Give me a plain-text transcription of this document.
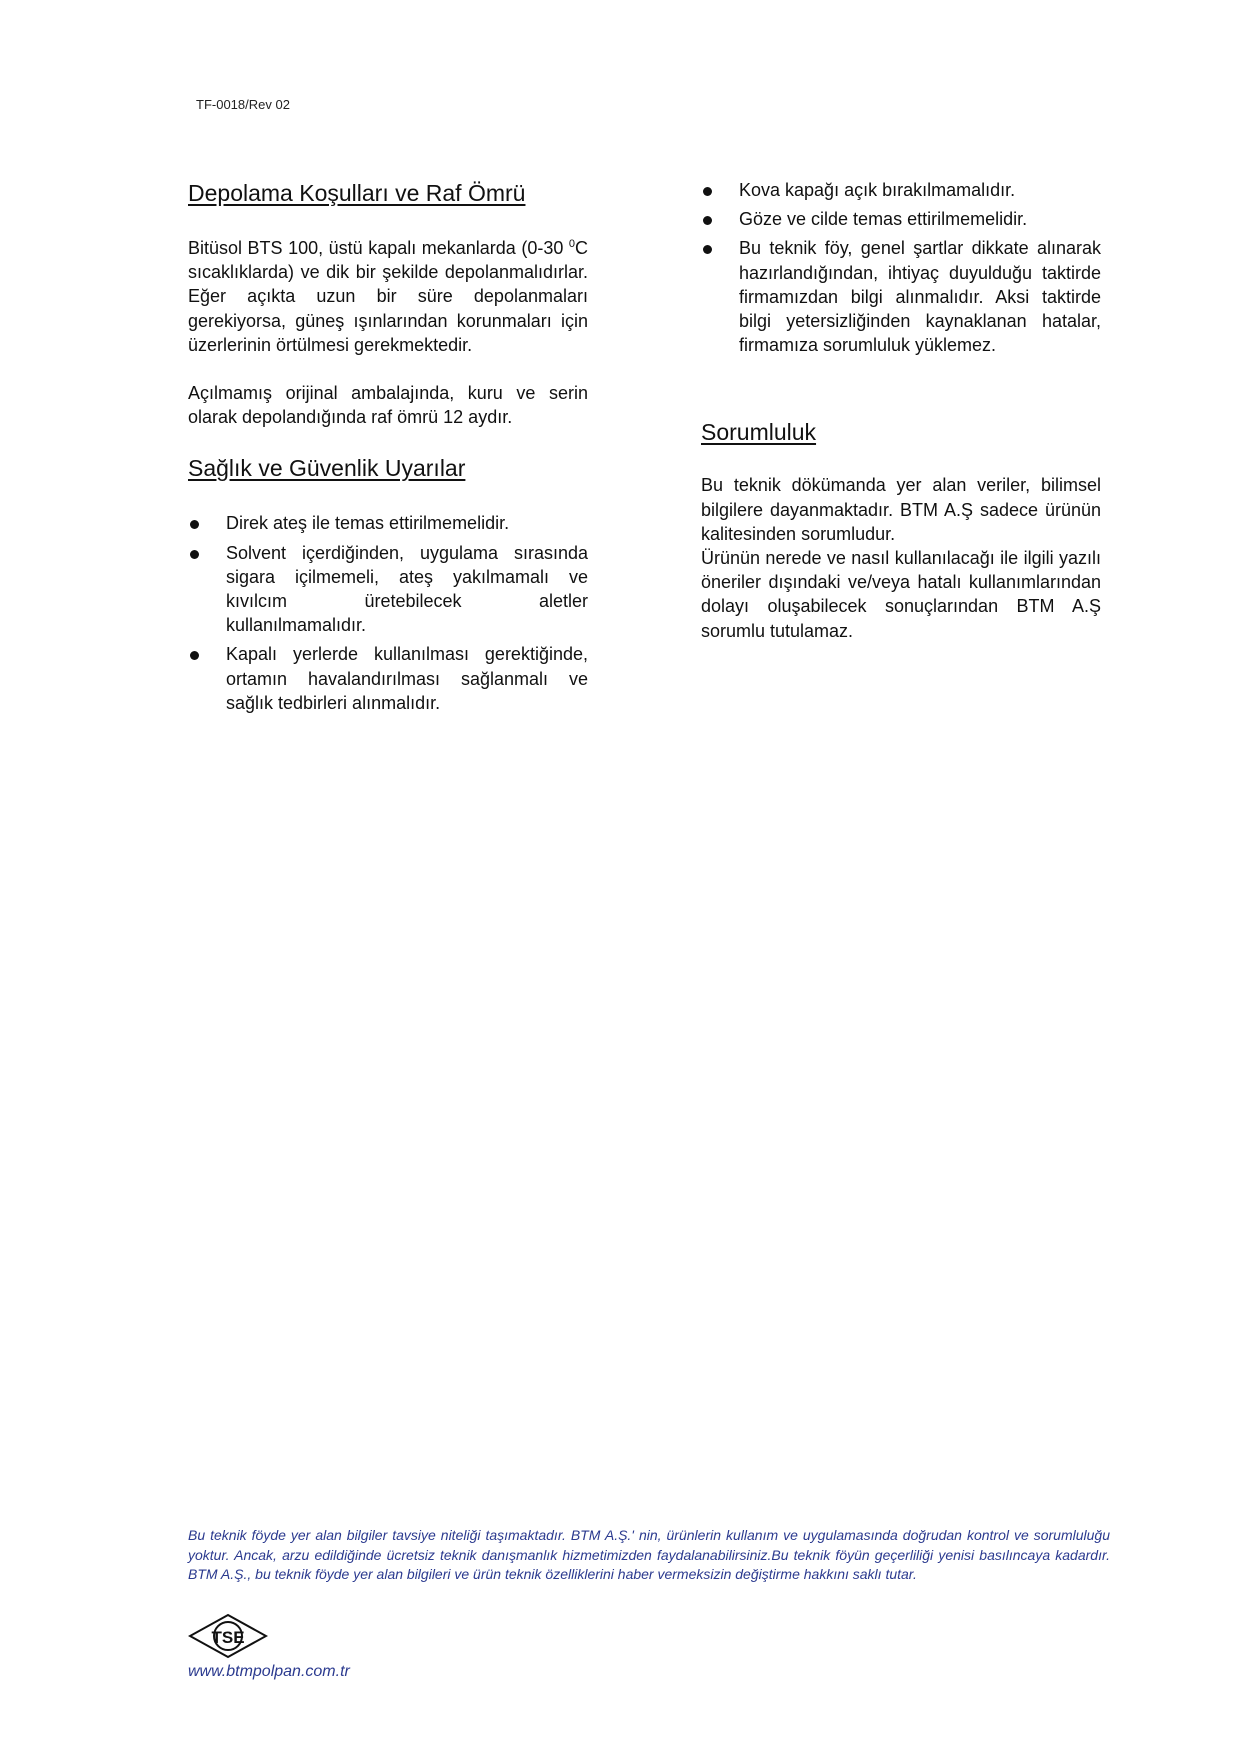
TF-0018/Rev 02
Depolama Koşulları ve Raf Ömrü

Bitüsol BTS 100, üstü kapalı mekanlarda (0-30 $^0$C sıcaklıklarda) ve dik bir şekilde depolanmalıdırlar. Eğer açıkta uzun bir süre depolanmaları gerekiyorsa, güneş ışınlarından korunmaları için üzerlerinin örtülmesi gerekmektedir.

Açılmamış orijinal ambalajında, kuru ve serin olarak depolandığında raf ömrü 12 aydır.

Sağlık ve Güvenlik Uyarılar
Direk ateş ile temas ettirilmemelidir.
Solvent içerdiğinden, uygulama sırasında sigara içilmemeli, ateş yakılmamalı ve kıvılcım üretebilecek aletler kullanılmamalıdır.
Kapalı yerlerde kullanılması gerektiğinde, ortamın havalandırılması sağlanmalı ve sağlık tedbirleri alınmalıdır.
Kova kapağı açık bırakılmamalıdır.
Göze ve cilde temas ettirilmemelidir.
Bu teknik föy, genel şartlar dikkate alınarak hazırlandığından, ihtiyaç duyulduğu taktirde firmamızdan bilgi alınmalıdır. Aksi taktirde bilgi yetersizliğinden kaynaklanan hatalar, firmamıza sorumluluk yüklemez.
Sorumluluk

Bu teknik dökümanda yer alan veriler, bilimsel bilgilere dayanmaktadır. BTM A.Ş sadece ürünün kalitesinden sorumludur.

Ürünün nerede ve nasıl kullanılacağı ile ilgili yazılı öneriler dışındaki ve/veya hatalı kullanımlarından dolayı oluşabilecek sonuçlarından BTM A.Ş sorumlu tutulamaz.

Bu teknik föyde yer alan bilgiler tavsiye niteliği taşımaktadır. BTM A.Ş.' nin, ürünlerin kullanım ve uygulamasında doğrudan kontrol ve sorumluluğu yoktur. Ancak, arzu edildiğinde ücretsiz teknik danışmanlık hizmetimizden faydalanabilirsiniz.Bu teknik föyün geçerliliği yenisi basılıncaya kadardır. BTM A.Ş., bu teknik föyde yer alan bilgileri ve ürün teknik özelliklerini haber vermeksizin değiştirme hakkını saklı tutar.
TSE
www.btmpolpan.com.tr
